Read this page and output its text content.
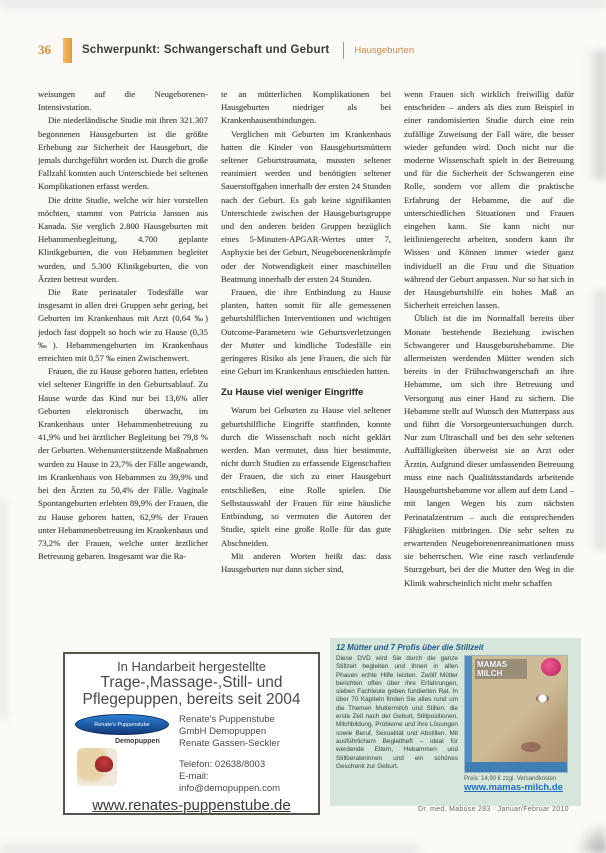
36	Schwerpunkt: Schwangerschaft und Geburt	Hausgeburten

weisungen auf die Neugeborenen-Intensivstation.

Die niederländische Studie mit ihren 321.307 begonnenen Hausgeburten ist die größte Erhebung zur Sicherheit der Hausgeburt, die jemals durchgeführt worden ist. Durch die große Fallzahl konnten auch Unterschiede bei seltenen Komplikationen erfasst werden.

Die dritte Studie, welche wir hier vorstellen möchten, stammt von Patricia Janssen aus Kanada. Sie verglich 2.800 Hausgeburten mit Hebammenbegleitung, 4.700 geplante Klinikgeburten, die von Hebammen begleitet wurden, und 5.300 Klinikgeburten, die von Ärzten betreut wurden.

Die Rate perinataler Todesfälle war insgesamt in allen drei Gruppen sehr gering, bei Geburten im Krankenhaus mit Arzt (0,64 ‰) jedoch fast doppelt so hoch wie zu Hause (0,35 ‰). Hebammengeburten im Krankenhaus erreichten mit 0,57 ‰ einen Zwischenwert.

Frauen, die zu Hause geboren hatten, erlebten viel seltener Eingriffe in den Geburtsablauf. Zu Hause wurde das Kind nur bei 13,6% aller Geburten elektronisch überwacht, im Krankenhaus unter Hebammenbetreuung zu 41,9% und bei ärztlicher Begleitung bei 79,8 % der Geburten. Wehenunterstützende Maßnahmen wurden zu Hause in 23,7% der Fälle angewandt, im Krankenhaus von Hebammen zu 39,9% und bei den Ärzten zu 50,4% der Fälle. Vaginale Spontangeburten erlebten 89,9% der Frauen, die zu Hause geboren hatten, 62,9% der Frauen unter Hebammenbetreuung im Krankenhaus und 73,2% der Frauen, welche unter ärztlicher Betreuung gebaren. Insgesamt war die Ra-

te an mütterlichen Komplikationen bei Hausgeburten niedriger als bei Krankenhausentbindungen.

Verglichen mit Geburten im Krankenhaus hatten die Kinder von Hausgeburtsmüttern seltener Geburtstraumata, mussten seltener reanimiert werden und benötigten seltener Sauerstoffgaben innerhalb der ersten 24 Stunden nach der Geburt. Es gab keine signifikanten Unterschiede zwischen der Hausgeburtsgruppe und den anderen beiden Gruppen bezüglich eines 5-Minuten-APGAR-Wertes unter 7, Asphyxie bei der Geburt, Neugeborenenkrämpfe oder der Notwendigkeit einer maschinellen Beatmung innerhalb der ersten 24 Stunden.

Frauen, die ihre Entbindung zu Hause planten, hatten somit für alle gemessenen geburtshilflichen Interventionen und wichtigen Outcome-Parametern wie Geburtsverletzungen der Mutter und kindliche Todesfälle ein geringeres Risiko als jene Frauen, die sich für eine Geburt im Krankenhaus entschieden hatten.

Zu Hause viel weniger Eingriffe

Warum bei Geburten zu Hause viel seltener geburtshilfliche Eingriffe stattfinden, konnte durch die Wissenschaft noch nicht geklärt werden. Man vermutet, dass hier bestimmte, nicht durch Studien zu erfassende Eigenschaften der Frauen, die sich zu einer Hausgeburt entschließen, eine Rolle spielen. Die Selbstauswahl der Frauen für eine häusliche Entbindung, so vermuten die Autoren der Studie, spielt eine große Rolle für das gute Abschneiden.

Mit anderen Worten heißt das: dass Hausgeburten nur dann sicher sind,

wenn Frauen sich wirklich freiwillig dafür entscheiden – anders als dies zum Beispiel in einer randomisierten Studie durch eine rein zufällige Zuweisung der Fall wäre, die besser wieder gefunden wird. Doch nicht nur die moderne Wissenschaft spielt in der Betreuung und für die Sicherheit der Schwangeren eine Rolle, sondern vor allem die praktische Erfahrung der Hebamme, die auf die unterschiedlichen Situationen und Frauen eingehen kann. Sie kann nicht nur leitliniengerecht arbeiten, sondern kann ihr Wissen und Können immer wieder ganz individuell an die Frau und die Situation während der Geburt anpassen. Nur so hat sich in der Hausgeburtshilfe ein hohes Maß an Sicherheit erreichen lassen.

Üblich ist die im Normalfall bereits über Monate bestehende Beziehung zwischen Schwangerer und Hausgeburtshebamme. Die allermeisten werdenden Mütter wenden sich bereits in der Frühschwangerschaft an ihre Hebamme, um sich ihre Betreuung und Versorgung aus einer Hand zu sichern. Die Hebamme stellt auf Wunsch den Mutterpass aus und führt die Vorsorgeuntersuchungen durch. Nur zum Ultraschall und bei den sehr seltenen Auffälligkeiten überweist sie an Arzt oder Ärztin. Aufgrund dieser umfassenden Betreuung muss eine nach Qualitätsstandards arbeitende Hausgeburtshebamme vor allem auf dem Land – mit langen Wegen bis zum nächsten Perinatalzentrum – auch die entsprechenden Fähigkeiten mitbringen. Die sehr selten zu erwartenden Neugeborenenreanimationen muss sie beherrschen. Wie eine rasch verlaufende Sturzgeburt, bei der die Mutter den Weg in die Klinik wahrscheinlich nicht mehr schaffen

In Handarbeit hergestellte
Trage-,Massage-,Still- und
Pflegepuppen, bereits seit 2004
Renate's Puppenstube
Demopuppen
Renate's Puppenstube
GmbH Demopuppen
Renate Gassen-Seckler
Telefon: 02638/8003
E-mail:
info@demopuppen.com
www.renates-puppenstube.de
12 Mütter und 7 Profis über die Stillzeit
Diese DVD wird Sie durch die ganze Stillzeit begleiten und Ihnen in allen Phasen echte Hilfe leisten. Zwölf Mütter berichten offen über ihre Erfahrungen, sieben Fachleute geben fundierten Rat. In über 70 Kapiteln finden Sie alles rund um die Themen Muttermilch und Stillen: die erste Zeit nach der Geburt, Stillpositionen, Milchbildung, Probleme und ihre Lösungen sowie Beruf, Sexualität und Abstillen. Mit ausführlichem Begleitheft – ideal für werdende Eltern, Hebammen und Stillberaterinnen und ein schönes Geschenk zur Geburt.
MAMAS
MILCH
Preis: 14,90 € zzgl. Versandkosten
www.mamas-milch.de
Dr. med. Mabuse 283 · Januar/Februar 2010
